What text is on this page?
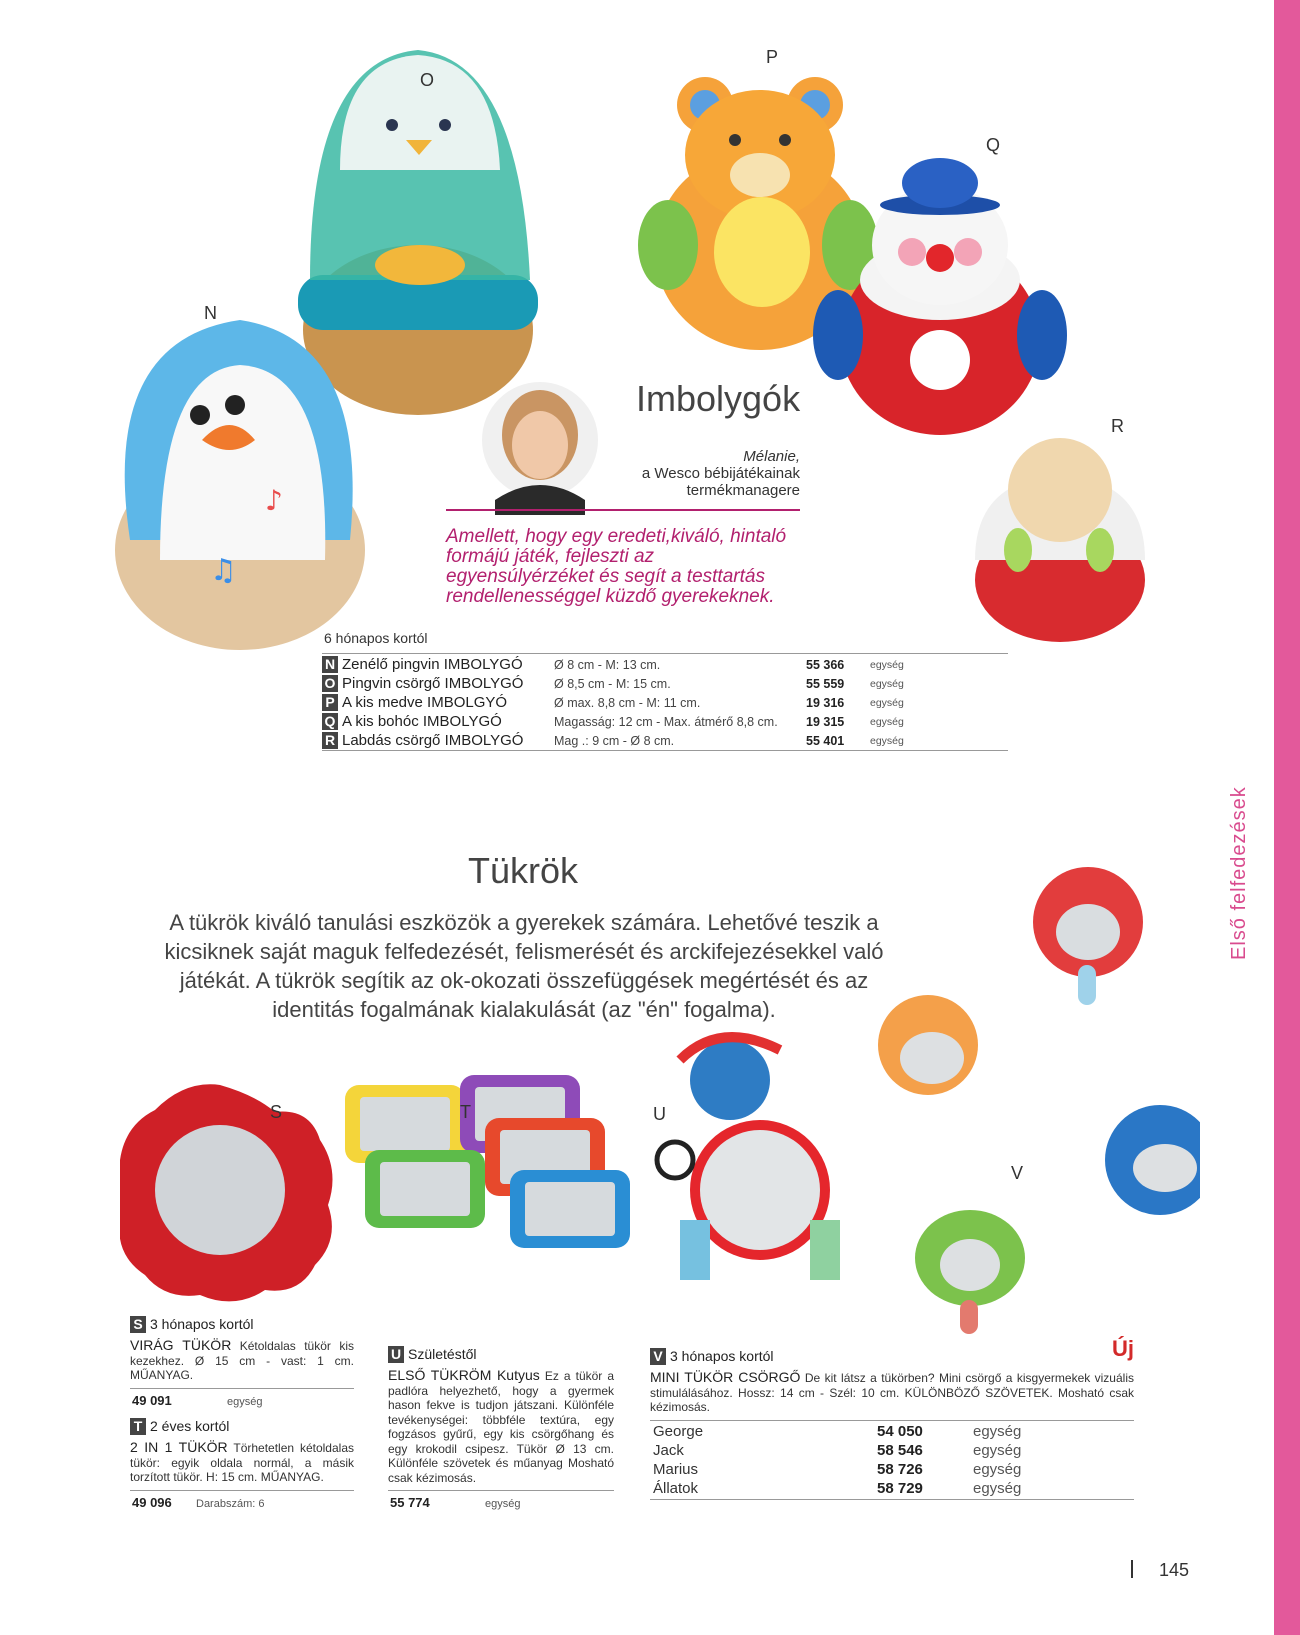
Első felfedezések
♫
♪
P
O
Q
N
R
Imbolygók
Mélanie,
a Wesco bébijátékainak
termékmanagere
Amellett, hogy egy eredeti,kiváló, hintaló formájú játék, fejleszti az egyensúlyérzéket és segít a testtartás rendellenességgel küzdő gyerekeknek.
6 hónapos kortól
N Zenélő pingvin IMBOLYGÓ	Ø 8 cm - M: 13 cm.	55 366	egység
O Pingvin csörgő IMBOLYGÓ	Ø 8,5 cm - M: 15 cm.	55 559	egység
P A kis medve IMBOLGYÓ	Ø max. 8,8 cm - M: 11 cm.	19 316	egység
Q A kis bohóc IMBOLYGÓ	Magasság: 12 cm - Max. átmérő 8,8 cm.	19 315	egység
R Labdás csörgő IMBOLYGÓ	Mag .: 9 cm - Ø 8 cm.	55 401	egység
Tükrök
A tükrök kiváló tanulási eszközök a gyerekek számára. Lehetővé teszik a kicsiknek saját maguk felfedezését, felismerését és arckifejezésekkel való játékát. A tükrök segítik az ok-okozati összefüggések megértését és az identitás fogalmának kialakulását (az "én" fogalma).
S	T	U
V
S 3 hónapos kortól
VIRÁG TÜKÖR Kétoldalas tükör kis kezekhez. Ø 15 cm - vast: 1 cm. MŰANYAG.
49 091	egység
T 2 éves kortól
2 IN 1 TÜKÖR Törhetetlen kétoldalas tükör: egyik oldala normál, a másik torzított tükör. H: 15 cm. MŰANYAG.
49 096 Darabszám: 6
U Születéstől
ELSŐ TÜKRÖM Kutyus Ez a tükör a padlóra helyezhető, hogy a gyermek hason fekve is tudjon játszani. Különféle tevékenységei: többféle textúra, egy fogzásos gyűrű, egy kis csörgőhang és egy krokodil csipesz. Tükör Ø 13 cm. Különféle szövetek és műanyag Mosható csak kézimosás.
55 774	egység
V 3 hónapos kortól	Új
MINI TÜKÖR CSÖRGŐ De kit látsz a tükörben? Mini csörgő a kisgyermekek vizuális stimulálásához. Hossz: 14 cm - Szél: 10 cm. KÜLÖNBÖZŐ SZÖVETEK. Mosható csak kézimosás.
George	54 050	egység
Jack	58 546	egység
Marius	58 726	egység
Állatok	58 729	egység
145
